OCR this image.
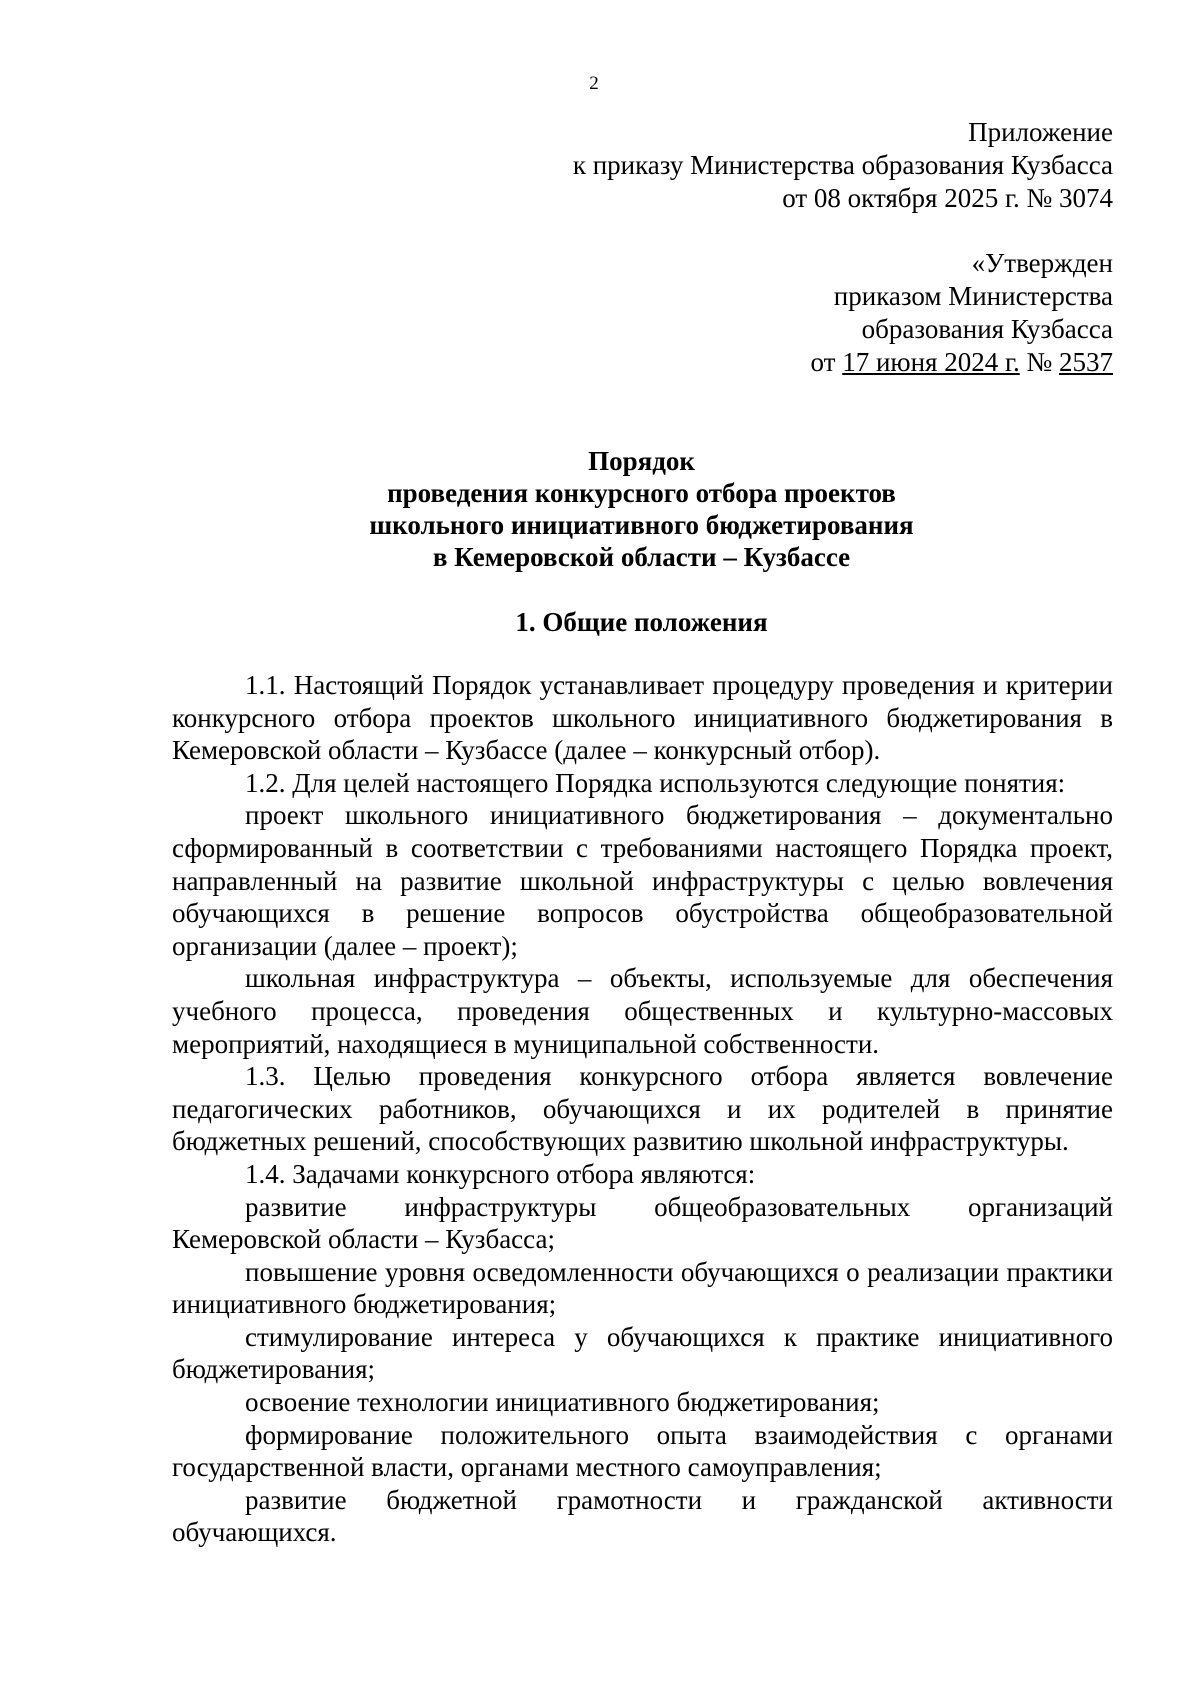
2
Приложение
к приказу Министерства образования Кузбасса
от 08 октября 2025 г. № 3074
«Утвержден
приказом Министерства
образования Кузбасса
от 17 июня 2024 г. № 2537
Порядок
проведения конкурсного отбора проектов
школьного инициативного бюджетирования
в Кемеровской области – Кузбассе
1. Общие положения

1.1. Настоящий Порядок устанавливает процедуру проведения и критерии конкурсного отбора проектов школьного инициативного бюджетирования в Кемеровской области – Кузбассе (далее – конкурсный отбор).

1.2. Для целей настоящего Порядка используются следующие понятия:

проект школьного инициативного бюджетирования – документально сформированный в соответствии с требованиями настоящего Порядка проект, направленный на развитие школьной инфраструктуры с целью вовлечения обучающихся в решение вопросов обустройства общеобразовательной организации (далее – проект);

школьная инфраструктура – объекты, используемые для обеспечения учебного процесса, проведения общественных и культурно-массовых мероприятий, находящиеся в муниципальной собственности.

1.3. Целью проведения конкурсного отбора является вовлечение педагогических работников, обучающихся и их родителей в принятие бюджетных решений, способствующих развитию школьной инфраструктуры.

1.4. Задачами конкурсного отбора являются:

развитие инфраструктуры общеобразовательных организаций Кемеровской области – Кузбасса;

повышение уровня осведомленности обучающихся о реализации практики инициативного бюджетирования;

стимулирование интереса у обучающихся к практике инициативного бюджетирования;

освоение технологии инициативного бюджетирования;

формирование положительного опыта взаимодействия с органами государственной власти, органами местного самоуправления;

развитие бюджетной грамотности и гражданской активности обучающихся.
